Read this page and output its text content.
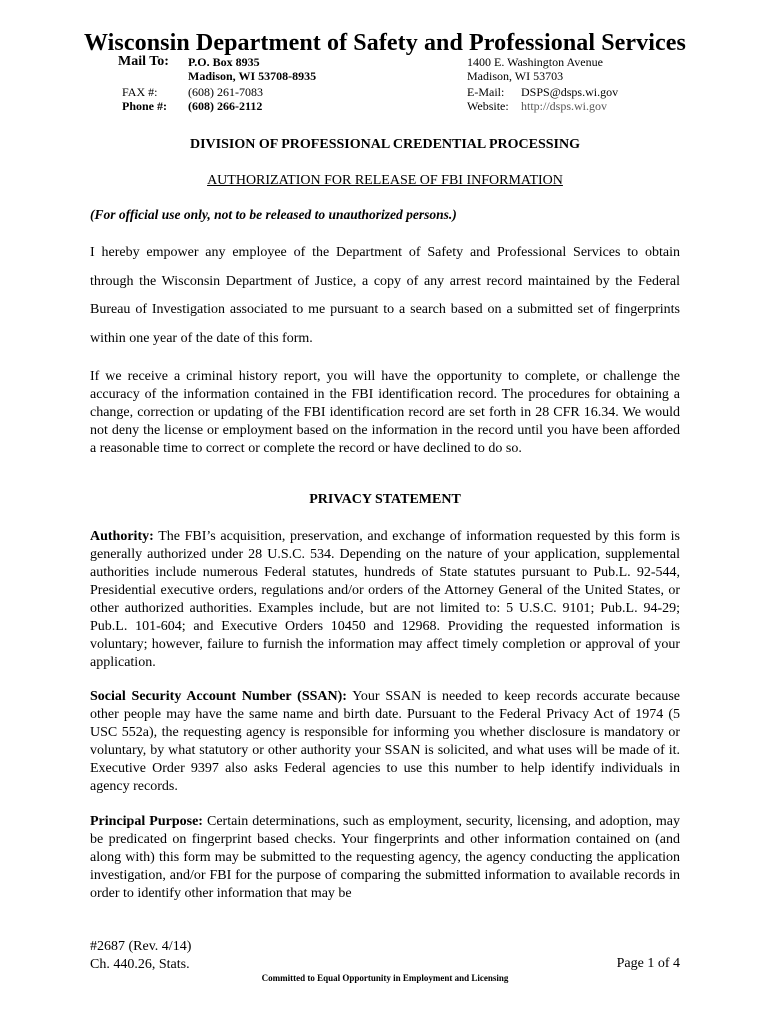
Wisconsin Department of Safety and Professional Services
Mail To: P.O. Box 8935
Madison, WI 53708-8935
FAX #:	(608) 261-7083
Phone #: (608) 266-2112
1400 E. Washington Avenue
Madison, WI 53703
E-Mail: DSPS@dsps.wi.gov
Website: http://dsps.wi.gov
DIVISION OF PROFESSIONAL CREDENTIAL PROCESSING
AUTHORIZATION FOR RELEASE OF FBI INFORMATION
(For official use only, not to be released to unauthorized persons.)
I hereby empower any employee of the Department of Safety and Professional Services to obtain through the Wisconsin Department of Justice, a copy of any arrest record maintained by the Federal Bureau of Investigation associated to me pursuant to a search based on a submitted set of fingerprints within one year of the date of this form.
If we receive a criminal history report, you will have the opportunity to complete, or challenge the accuracy of the information contained in the FBI identification record. The procedures for obtaining a change, correction or updating of the FBI identification record are set forth in 28 CFR 16.34. We would not deny the license or employment based on the information in the record until you have been afforded a reasonable time to correct or complete the record or have declined to do so.
PRIVACY STATEMENT
Authority: The FBI’s acquisition, preservation, and exchange of information requested by this form is generally authorized under 28 U.S.C. 534. Depending on the nature of your application, supplemental authorities include numerous Federal statutes, hundreds of State statutes pursuant to Pub.L. 92-544, Presidential executive orders, regulations and/or orders of the Attorney General of the United States, or other authorized authorities. Examples include, but are not limited to: 5 U.S.C. 9101; Pub.L. 94-29; Pub.L. 101-604; and Executive Orders 10450 and 12968. Providing the requested information is voluntary; however, failure to furnish the information may affect timely completion or approval of your application.
Social Security Account Number (SSAN): Your SSAN is needed to keep records accurate because other people may have the same name and birth date. Pursuant to the Federal Privacy Act of 1974 (5 USC 552a), the requesting agency is responsible for informing you whether disclosure is mandatory or voluntary, by what statutory or other authority your SSAN is solicited, and what uses will be made of it. Executive Order 9397 also asks Federal agencies to use this number to help identify individuals in agency records.
Principal Purpose: Certain determinations, such as employment, security, licensing, and adoption, may be predicated on fingerprint based checks. Your fingerprints and other information contained on (and along with) this form may be submitted to the requesting agency, the agency conducting the application investigation, and/or FBI for the purpose of comparing the submitted information to available records in order to identify other information that may be
#2687 (Rev. 4/14)
Ch. 440.26, Stats.	Page 1 of 4
Committed to Equal Opportunity in Employment and Licensing
